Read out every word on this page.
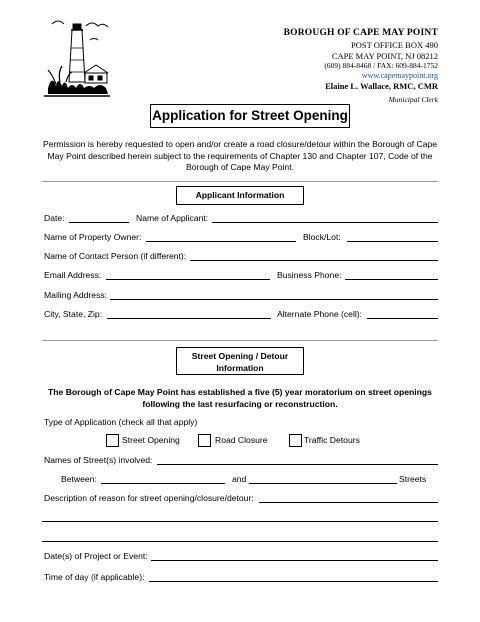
BOROUGH OF CAPE MAY POINT
POST OFFICE BOX 490
CAPE MAY POINT, NJ 08212
(609) 884-8468 / FAX: 609-884-1752
www.capemaypoint.org
Elaine L. Wallace, RMC, CMR
Municipal Clerk
Application for Street Opening
Permission is hereby requested to open and/or create a road closure/detour within the Borough of Cape May Point described herein subject to the requirements of Chapter 130 and Chapter 107, Code of the Borough of Cape May Point.
Applicant Information
Date:	Name of Applicant:
Name of Property Owner:	Block/Lot:
Name of Contact Person (if different):
Email Address:	Business Phone:
Mailing Address:
City, State, Zip:	Alternate Phone (cell):
Street Opening / Detour
Information
The Borough of Cape May Point has established a five (5) year moratorium on street openings following the last resurfacing or reconstruction.
Type of Application (check all that apply)
Street Opening	Road Closure	Traffic Detours
Names of Street(s) involved:
Between:	and	Streets
Description of reason for street opening/closure/detour:
Date(s) of Project or Event:
Time of day (if applicable):
